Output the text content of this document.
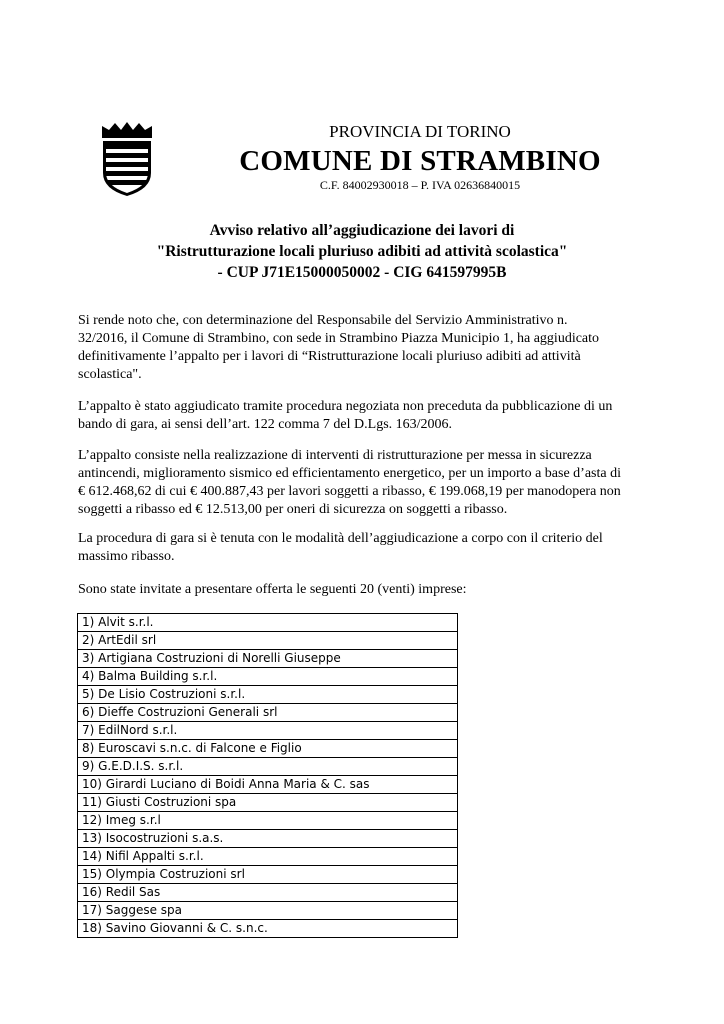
PROVINCIA DI TORINO
COMUNE DI STRAMBINO
C.F. 84002930018 – P. IVA 02636840015
Avviso relativo all’aggiudicazione dei lavori di
"Ristrutturazione locali pluriuso adibiti ad attività scolastica"
- CUP J71E15000050002 - CIG 641597995B
Si rende noto che, con determinazione del Responsabile del Servizio Amministrativo n.
32/2016, il Comune di Strambino, con sede in Strambino Piazza Municipio 1, ha aggiudicato
definitivamente l’appalto per i lavori di “Ristrutturazione locali pluriuso adibiti ad attività
scolastica".
L’appalto è stato aggiudicato tramite procedura negoziata non preceduta da pubblicazione di un
bando di gara, ai sensi dell’art. 122 comma 7 del D.Lgs. 163/2006.
L’appalto consiste nella realizzazione di interventi di ristrutturazione per messa in sicurezza
antincendi, miglioramento sismico ed efficientamento energetico, per un importo a base d’asta di
€ 612.468,62 di cui € 400.887,43 per lavori soggetti a ribasso, € 199.068,19 per manodopera non
soggetti a ribasso ed € 12.513,00 per oneri di sicurezza on soggetti a ribasso.
La procedura di gara si è tenuta con le modalità dell’aggiudicazione a corpo con il criterio del
massimo ribasso.
Sono state invitate a presentare offerta le seguenti 20 (venti) imprese:
1) Alvit s.r.l.
2) ArtEdil srl
3) Artigiana Costruzioni di Norelli Giuseppe
4) Balma Building s.r.l.
5) De Lisio Costruzioni s.r.l.
6) Dieffe Costruzioni Generali srl
7) EdilNord s.r.l.
8) Euroscavi s.n.c. di Falcone e Figlio
9) G.E.D.I.S. s.r.l.
10) Girardi Luciano di Boidi Anna Maria & C. sas
11) Giusti Costruzioni spa
12) Imeg s.r.l
13) Isocostruzioni s.a.s.
14) Nifil Appalti s.r.l.
15) Olympia Costruzioni srl
16) Redil Sas
17) Saggese spa
18) Savino Giovanni & C. s.n.c.
